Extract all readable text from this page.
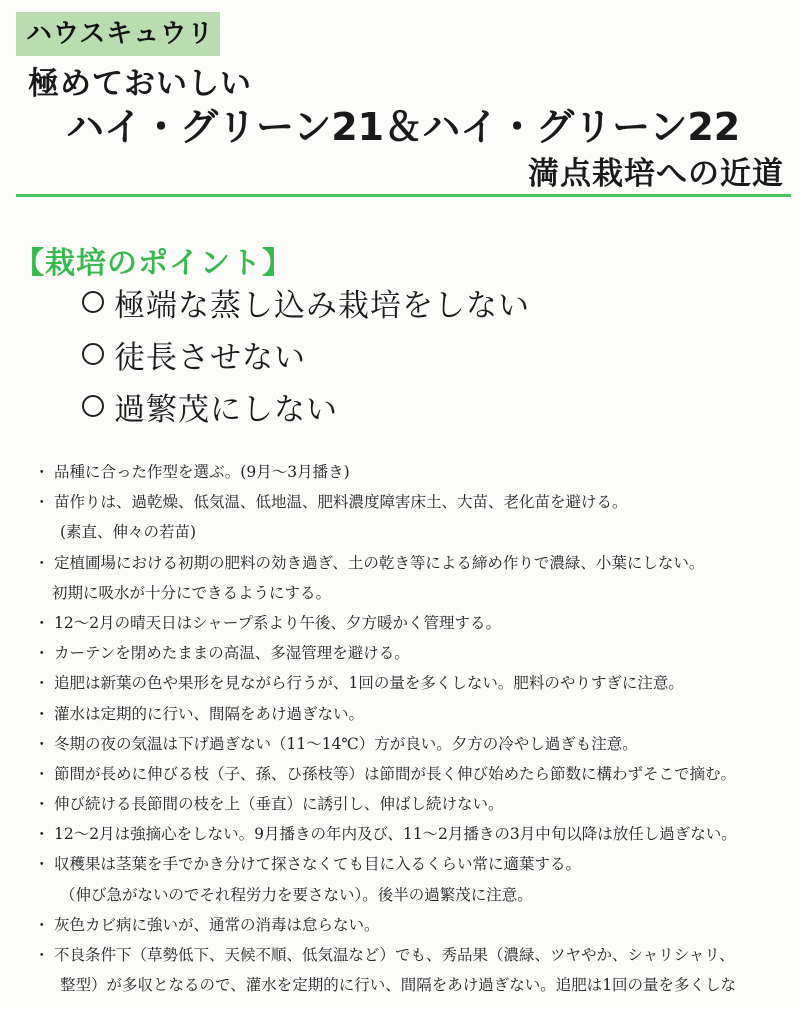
ハウスキュウリ
極めておいしい
ハイ・グリーン21＆ハイ・グリーン22
満点栽培への近道
【栽培のポイント】
極端な蒸し込み栽培をしない
徒長させない
過繁茂にしない
・ 品種に合った作型を選ぶ。(9月～3月播き)
・ 苗作りは、過乾燥、低気温、低地温、肥料濃度障害床土、大苗、老化苗を避ける。
(素直、伸々の若苗)
・ 定植圃場における初期の肥料の効き過ぎ、土の乾き等による締め作りで濃緑、小葉にしない。
初期に吸水が十分にできるようにする。
・ 12～2月の晴天日はシャープ系より午後、夕方暖かく管理する。
・ カーテンを閉めたままの高温、多湿管理を避ける。
・ 追肥は新葉の色や果形を見ながら行うが、1回の量を多くしない。肥料のやりすぎに注意。
・ 灌水は定期的に行い、間隔をあけ過ぎない。
・ 冬期の夜の気温は下げ過ぎない（11～14℃）方が良い。夕方の冷やし過ぎも注意。
・ 節間が長めに伸びる枝（子、孫、ひ孫枝等）は節間が長く伸び始めたら節数に構わずそこで摘む。
・ 伸び続ける長節間の枝を上（垂直）に誘引し、伸ばし続けない。
・ 12～2月は強摘心をしない。9月播きの年内及び、11～2月播きの3月中旬以降は放任し過ぎない。
・ 収穫果は茎葉を手でかき分けて探さなくても目に入るくらい常に適葉する。
（伸び急がないのでそれ程労力を要さない）。後半の過繁茂に注意。
・ 灰色カビ病に強いが、通常の消毒は怠らない。
・ 不良条件下（草勢低下、天候不順、低気温など）でも、秀品果（濃緑、ツヤやか、シャリシャリ、
整型）が多収となるので、灌水を定期的に行い、間隔をあけ過ぎない。追肥は1回の量を多くしな
